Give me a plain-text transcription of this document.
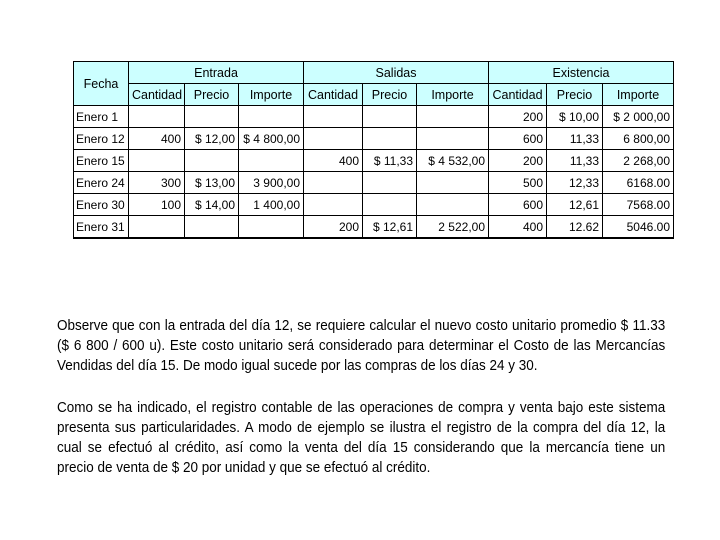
Fecha	Entrada			Salidas			Existencia		
	Cantidad	Precio	Importe	Cantidad	Precio	Importe	Cantidad	Precio	Importe
Enero 1							200	$ 10,00	$ 2 000,00
Enero 12	400	$ 12,00	$ 4 800,00				600	11,33	6 800,00
Enero 15				400	$ 11,33	$ 4 532,00	200	11,33	2 268,00
Enero 24	300	$ 13,00	3 900,00				500	12,33	6168.00
Enero 30	100	$ 14,00	1 400,00				600	12,61	7568.00
Enero 31				200	$ 12,61	2 522,00	400	12.62	5046.00

Observe que con la entrada del día 12, se requiere calcular el nuevo costo unitario promedio $ 11.33 ($ 6 800 / 600 u). Este costo unitario será considerado para determinar el Costo de las Mercancías Vendidas del día 15. De modo igual sucede por las compras de los días 24 y 30.

Como se ha indicado, el registro contable de las operaciones de compra y venta bajo este sistema presenta sus particularidades. A modo de ejemplo se ilustra el registro de la compra del día 12, la cual se efectuó al crédito, así como la venta del día 15 considerando que la mercancía tiene un precio de venta de $ 20 por unidad y que se efectuó al crédito.
